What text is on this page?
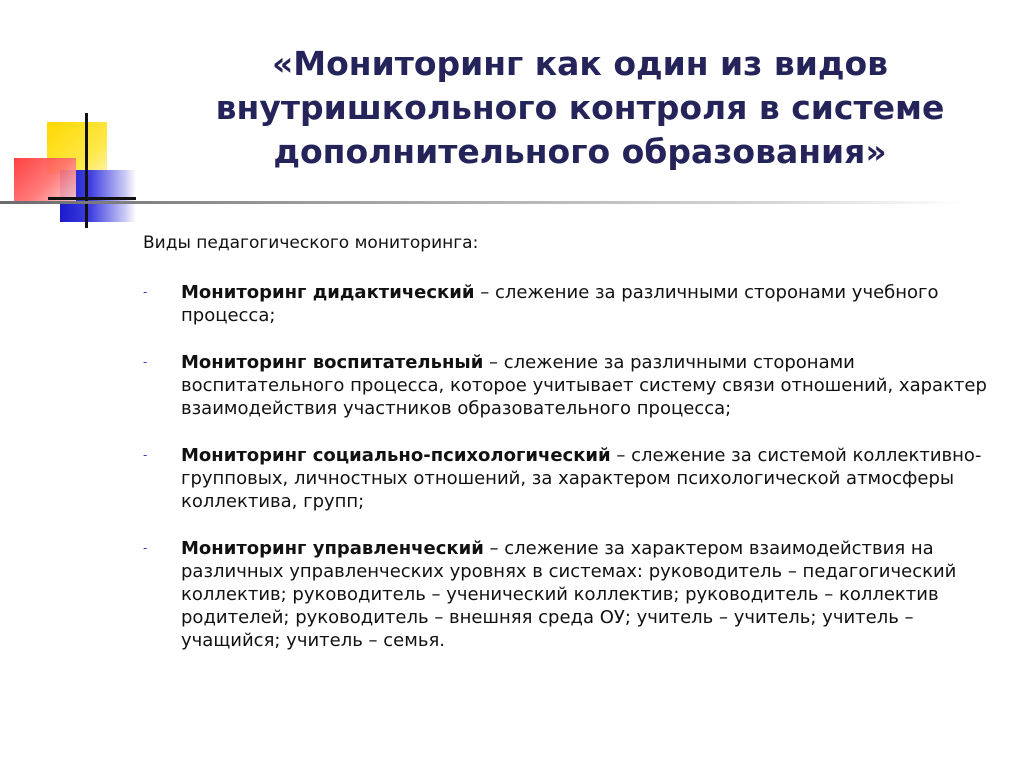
«Мониторинг как один из видов внутришкольного контроля в системе дополнительного образования»

Виды педагогического мониторинга:

- Мониторинг дидактический – слежение за различными сторонами учебного процесса;
- Мониторинг воспитательный – слежение за различными сторонами воспитательного процесса, которое учитывает систему связи отношений, характер взаимодействия участников образовательного процесса;
- Мониторинг социально-психологический – слежение за системой коллективно-групповых, личностных отношений, за характером психологической атмосферы коллектива, групп;
- Мониторинг управленческий – слежение за характером взаимодействия на различных управленческих уровнях в системах: руководитель – педагогический коллектив; руководитель – ученический коллектив; руководитель – коллектив родителей; руководитель – внешняя среда ОУ; учитель – учитель; учитель – учащийся; учитель – семья.
